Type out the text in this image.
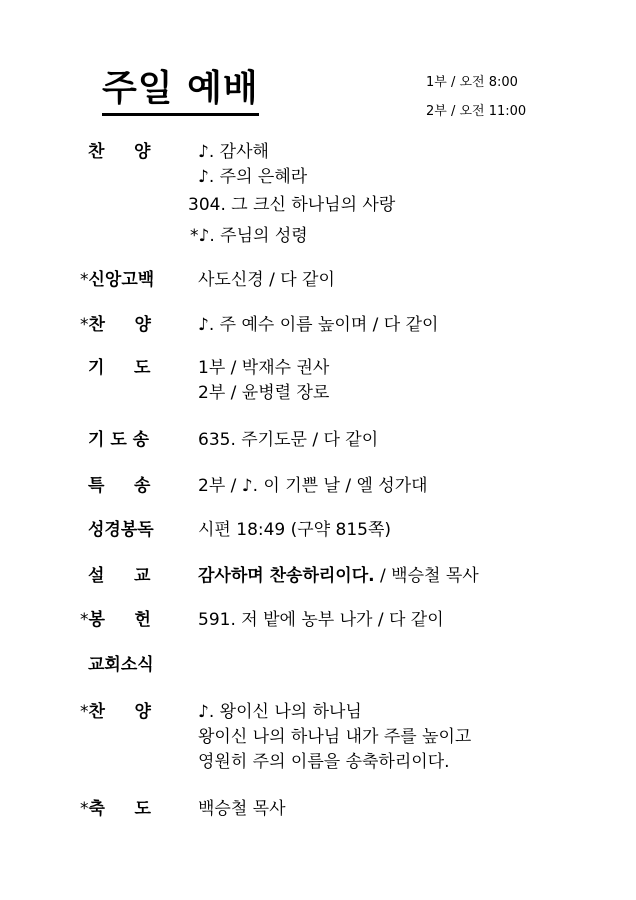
주일 예배	1부 / 오전 8:00
2부 / 오전 11:00
찬     양	♪. 감사해
♪. 주의 은혜라
304. 그 크신 하나님의 사랑
*♪. 주님의 성령
*신앙고백	사도신경 / 다 같이
*찬     양	♪. 주 예수 이름 높이며 / 다 같이
기     도	1부 / 박재수 권사
2부 / 윤병렬 장로
기 도 송	635. 주기도문 / 다 같이
특     송	2부 / ♪. 이 기쁜 날 / 엘 성가대
성경봉독	시편 18:49 (구약 815쪽)
설     교	감사하며 찬송하리이다. / 백승철 목사
*봉     헌	591. 저 밭에 농부 나가 / 다 같이
교회소식
*찬     양	♪. 왕이신 나의 하나님
왕이신 나의 하나님 내가 주를 높이고
영원히 주의 이름을 송축하리이다.
*축     도	백승철 목사
